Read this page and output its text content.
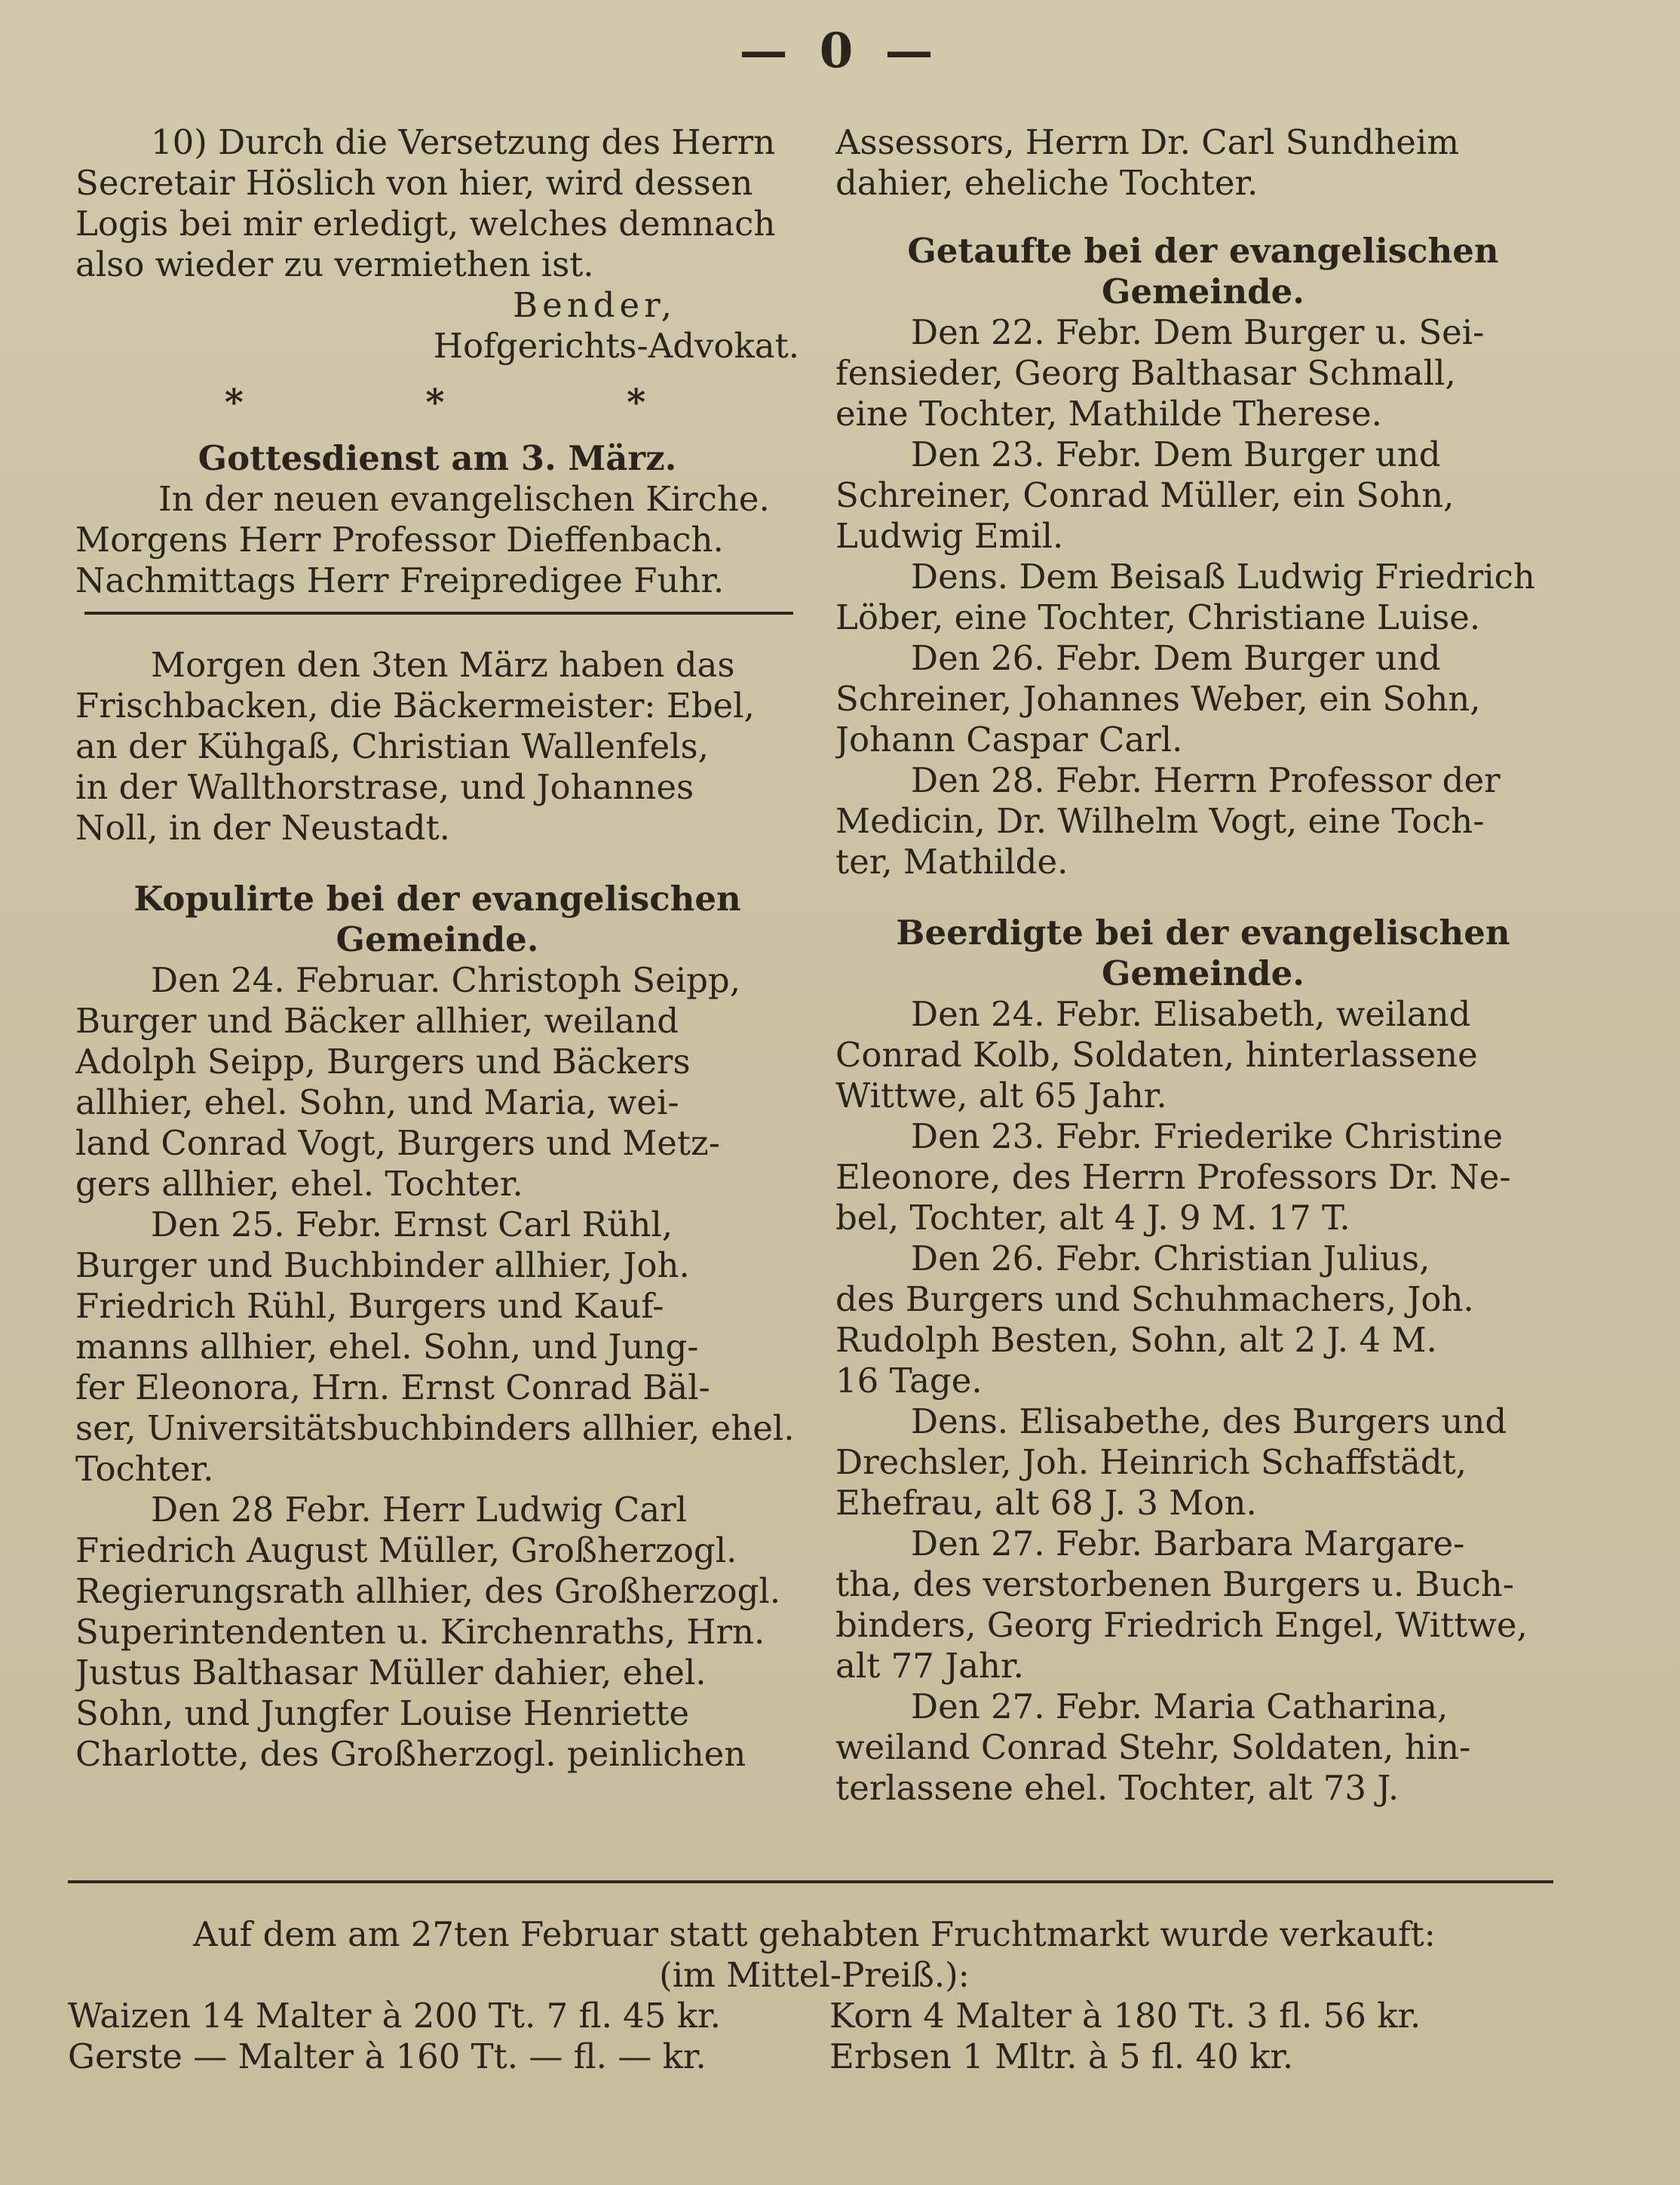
— 0 —
10) Durch die Versetzung des Herrn
Secretair Höslich von hier, wird dessen
Logis bei mir erledigt, welches demnach
also wieder zu vermiethen ist.
Bender,
Hofgerichts-Advokat.
*	*	*
Gottesdienst am 3. März.
In der neuen evangelischen Kirche.
Morgens Herr Professor Dieffenbach.
Nachmittags Herr Freipredigee Fuhr.
Morgen den 3ten März haben das
Frischbacken, die Bäckermeister: Ebel,
an der Kühgaß, Christian Wallenfels,
in der Wallthorstrase, und Johannes
Noll, in der Neustadt.
Kopulirte bei der evangelischen
Gemeinde.
Den 24. Februar. Christoph Seipp,
Burger und Bäcker allhier, weiland
Adolph Seipp, Burgers und Bäckers
allhier, ehel. Sohn, und Maria, wei-
land Conrad Vogt, Burgers und Metz-
gers allhier, ehel. Tochter.
Den 25. Febr. Ernst Carl Rühl,
Burger und Buchbinder allhier, Joh.
Friedrich Rühl, Burgers und Kauf-
manns allhier, ehel. Sohn, und Jung-
fer Eleonora, Hrn. Ernst Conrad Bäl-
ser, Universitätsbuchbinders allhier, ehel.
Tochter.
Den 28 Febr. Herr Ludwig Carl
Friedrich August Müller, Großherzogl.
Regierungsrath allhier, des Großherzogl.
Superintendenten u. Kirchenraths, Hrn.
Justus Balthasar Müller dahier, ehel.
Sohn, und Jungfer Louise Henriette
Charlotte, des Großherzogl. peinlichen
Assessors, Herrn Dr. Carl Sundheim
dahier, eheliche Tochter.
Getaufte bei der evangelischen
Gemeinde.
Den 22. Febr. Dem Burger u. Sei-
fensieder, Georg Balthasar Schmall,
eine Tochter, Mathilde Therese.
Den 23. Febr. Dem Burger und
Schreiner, Conrad Müller, ein Sohn,
Ludwig Emil.
Dens. Dem Beisaß Ludwig Friedrich
Löber, eine Tochter, Christiane Luise.
Den 26. Febr. Dem Burger und
Schreiner, Johannes Weber, ein Sohn,
Johann Caspar Carl.
Den 28. Febr. Herrn Professor der
Medicin, Dr. Wilhelm Vogt, eine Toch-
ter, Mathilde.
Beerdigte bei der evangelischen
Gemeinde.
Den 24. Febr. Elisabeth, weiland
Conrad Kolb, Soldaten, hinterlassene
Wittwe, alt 65 Jahr.
Den 23. Febr. Friederike Christine
Eleonore, des Herrn Professors Dr. Ne-
bel, Tochter, alt 4 J. 9 M. 17 T.
Den 26. Febr. Christian Julius,
des Burgers und Schuhmachers, Joh.
Rudolph Besten, Sohn, alt 2 J. 4 M.
16 Tage.
Dens. Elisabethe, des Burgers und
Drechsler, Joh. Heinrich Schaffstädt,
Ehefrau, alt 68 J. 3 Mon.
Den 27. Febr. Barbara Margare-
tha, des verstorbenen Burgers u. Buch-
binders, Georg Friedrich Engel, Wittwe,
alt 77 Jahr.
Den 27. Febr. Maria Catharina,
weiland Conrad Stehr, Soldaten, hin-
terlassene ehel. Tochter, alt 73 J.
Auf dem am 27ten Februar statt gehabten Fruchtmarkt wurde verkauft:
(im Mittel-Preiß.):
Waizen 14 Malter à 200 Tt. 7 fl. 45 kr.	Korn 4 Malter à 180 Tt. 3 fl. 56 kr.
Gerste — Malter à 160 Tt. — fl. — kr.	Erbsen 1 Mltr. à 5 fl. 40 kr.
